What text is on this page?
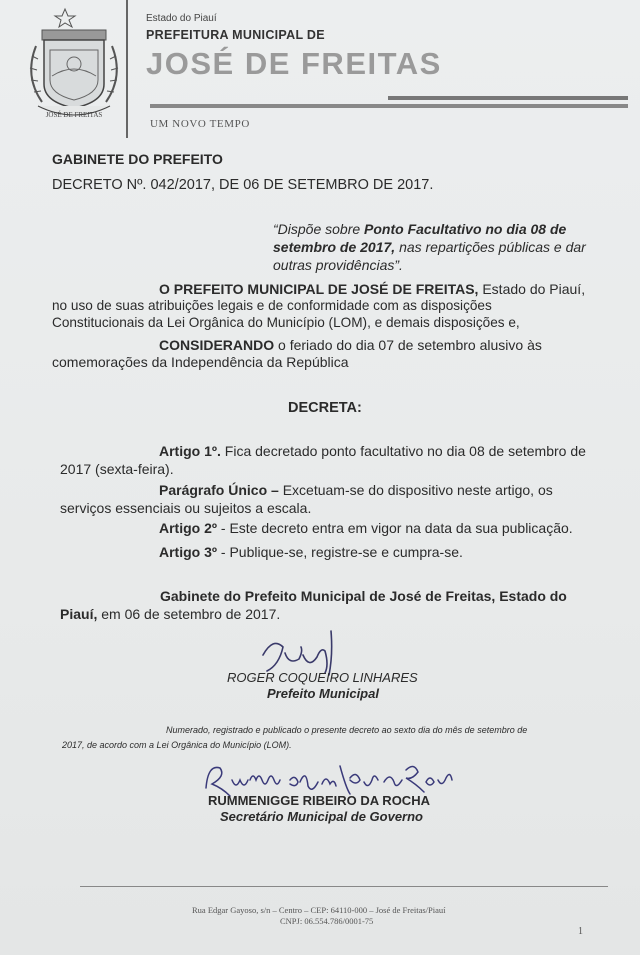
JOSÉ DE FREITAS
Estado do Piauí
PREFEITURA MUNICIPAL DE
JOSÉ DE FREITAS
UM NOVO TEMPO
GABINETE DO PREFEITO
DECRETO Nº. 042/2017, DE 06 DE SETEMBRO DE 2017.
“Dispõe sobre Ponto Facultativo no dia 08 de
setembro de 2017, nas repartições públicas e dar
outras providências”.
O PREFEITO MUNICIPAL DE JOSÉ DE FREITAS, Estado do Piauí,
no uso de suas atribuições legais e de conformidade com as disposições
Constitucionais da Lei Orgânica do Município (LOM), e demais disposições e,
CONSIDERANDO o feriado do dia 07 de setembro alusivo às
comemorações da Independência da República
DECRETA:
Artigo 1º. Fica decretado ponto facultativo no dia 08 de setembro de
2017 (sexta-feira).
Parágrafo Único – Excetuam-se do dispositivo neste artigo, os
serviços essenciais ou sujeitos a escala.
Artigo 2º - Este decreto entra em vigor na data da sua publicação.
Artigo 3º - Publique-se, registre-se e cumpra-se.
Gabinete do Prefeito Municipal de José de Freitas, Estado do
Piauí, em 06 de setembro de 2017.
ROGER COQUEIRO LINHARES
Prefeito Municipal
Numerado, registrado e publicado o presente decreto ao sexto dia do mês de setembro de
2017, de acordo com a Lei Orgânica do Município (LOM).
RUMMENIGGE RIBEIRO DA ROCHA
Secretário Municipal de Governo
Rua Edgar Gayoso, s/n – Centro – CEP: 64110-000 – José de Freitas/Piauí
CNPJ: 06.554.786/0001-75
1
